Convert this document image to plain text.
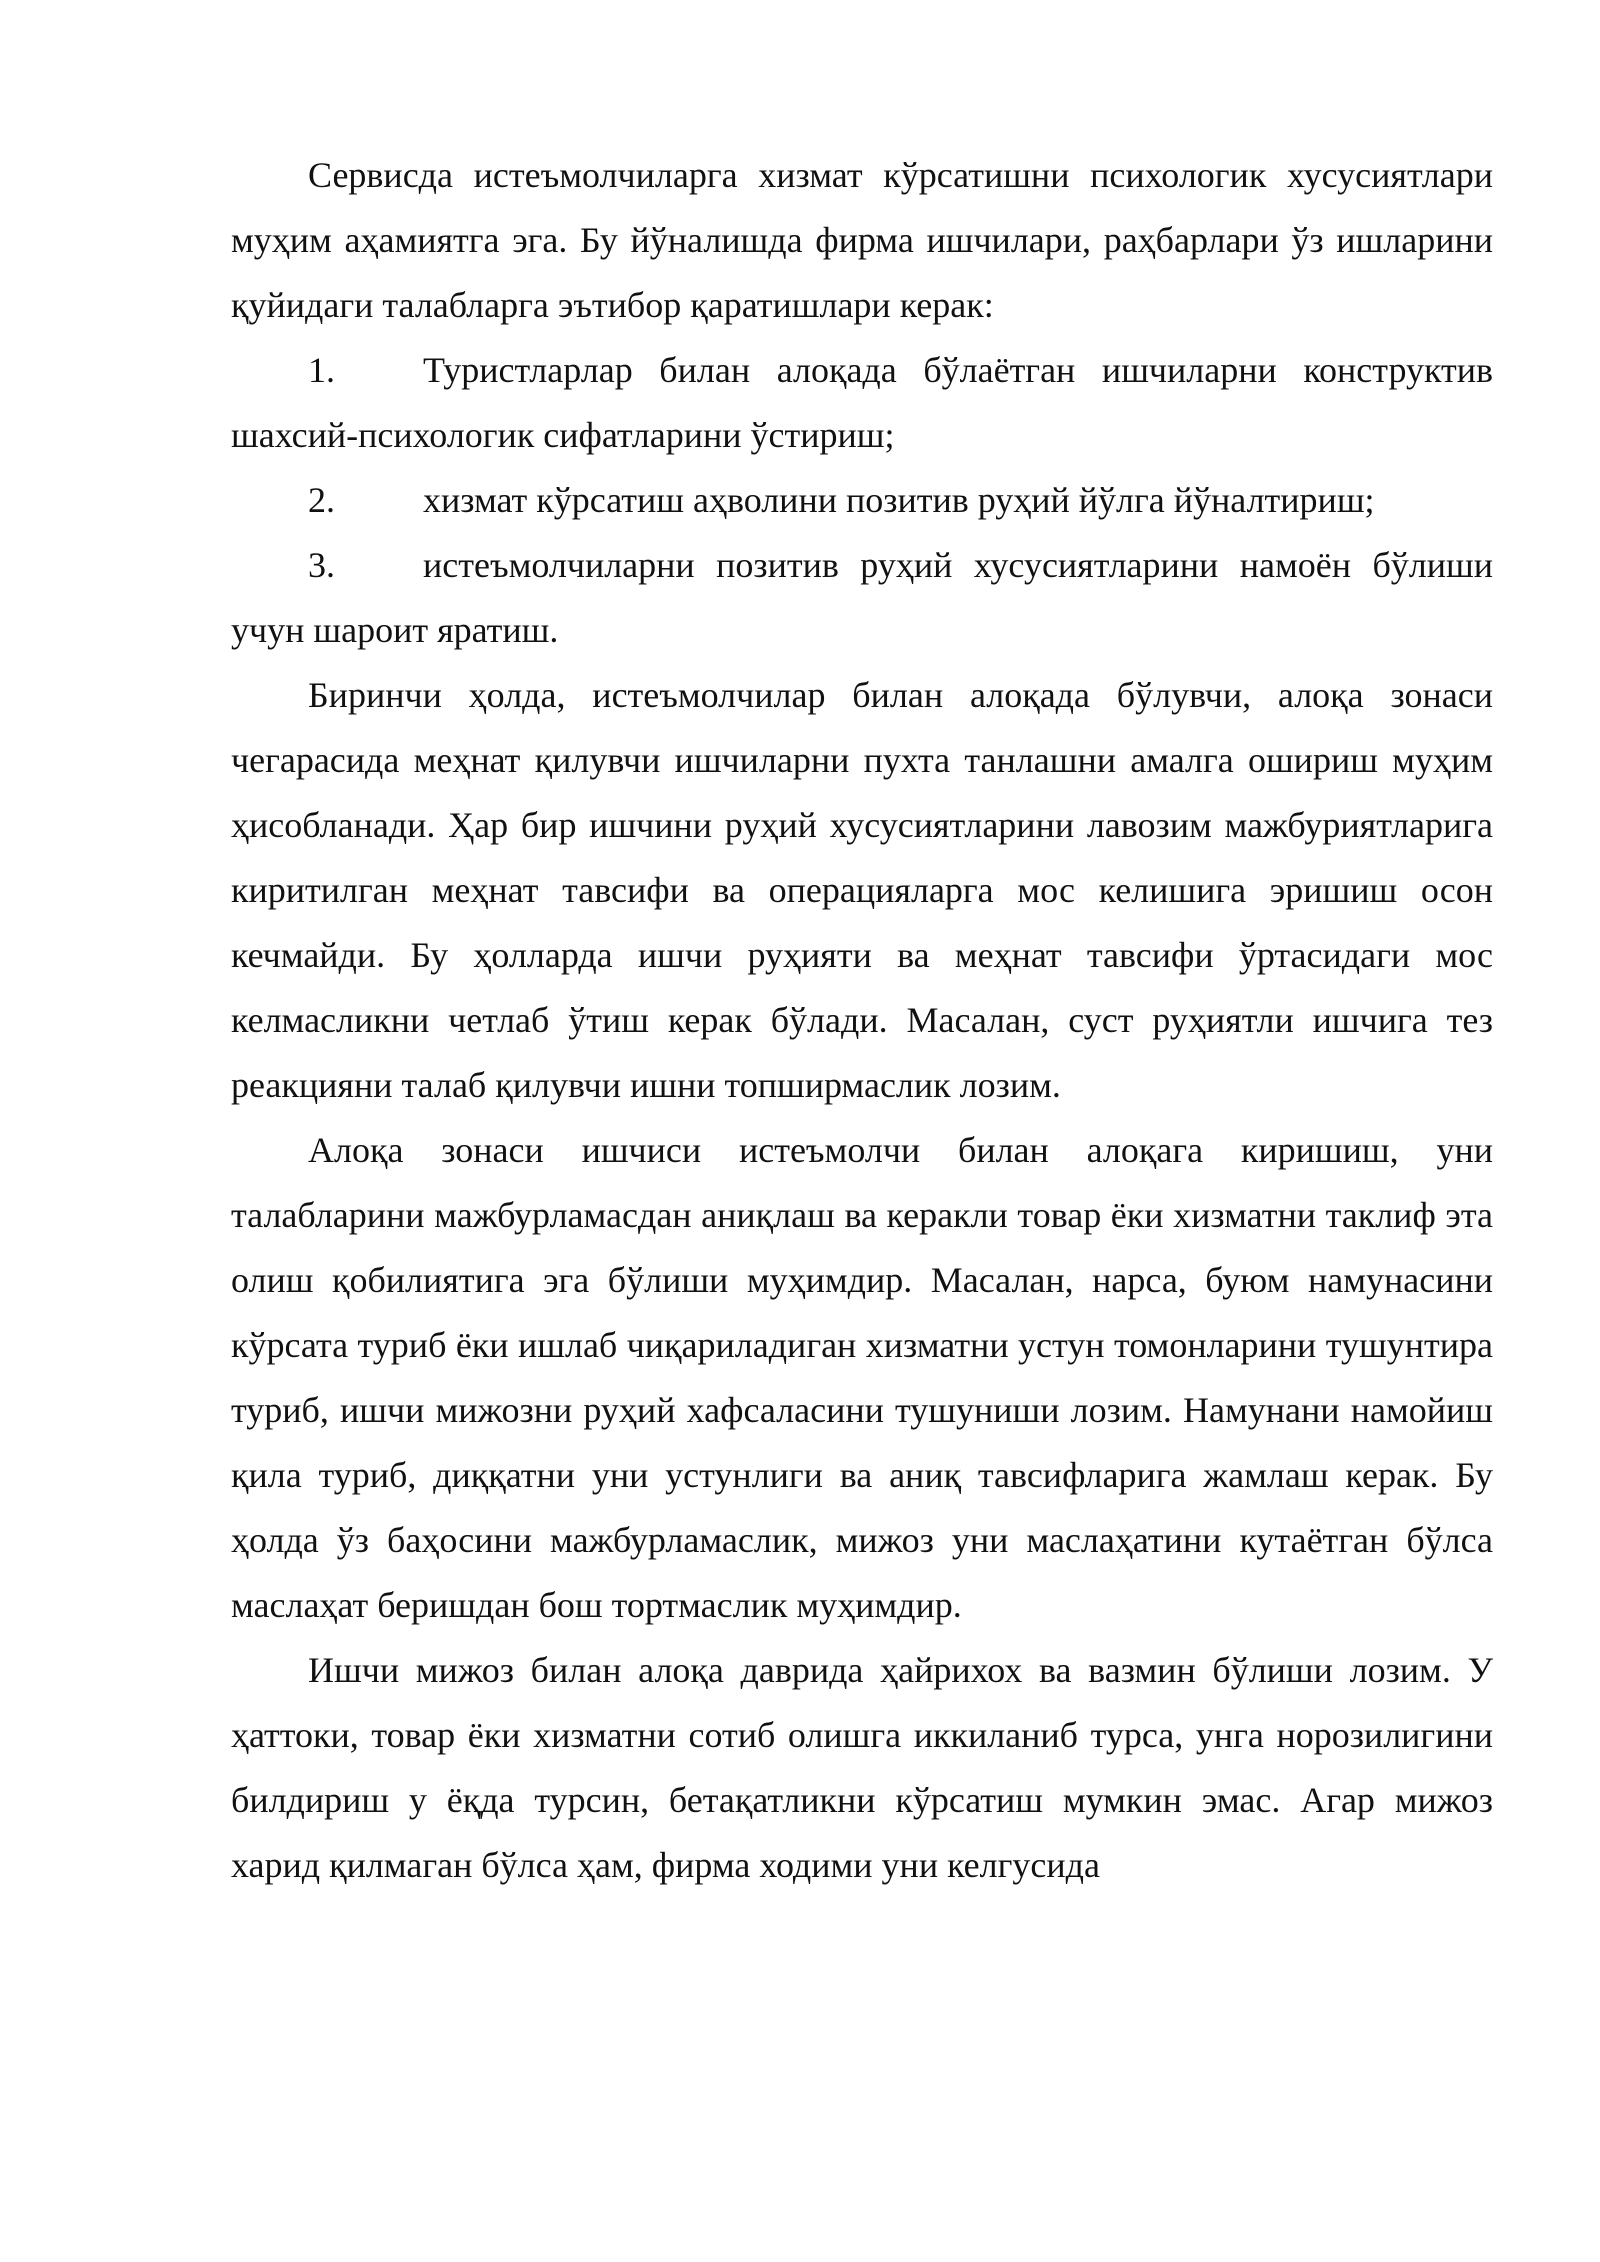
Сервисда истеъмолчиларга хизмат кўрсатишни психологик хусусиятлари муҳим аҳамиятга эга. Бу йўналишда фирма ишчилари, раҳбарлари ўз ишларини қуйидаги талабларга эътибор қаратишлари керак:

1. Туристларлар билан алоқада бўлаётган ишчиларни конструктив шахсий-психологик сифатларини ўстириш;

2. хизмат кўрсатиш аҳволини позитив руҳий йўлга йўналтириш;

3. истеъмолчиларни позитив руҳий хусусиятларини намоён бўлиши учун шароит яратиш.

Биринчи ҳолда, истеъмолчилар билан алоқада бўлувчи, алоқа зонаси чегарасида меҳнат қилувчи ишчиларни пухта танлашни амалга ошириш муҳим ҳисобланади. Ҳар бир ишчини руҳий хусусиятларини лавозим мажбуриятларига киритилган меҳнат тавсифи ва операцияларга мос келишига эришиш осон кечмайди. Бу ҳолларда ишчи руҳияти ва меҳнат тавсифи ўртасидаги мос келмасликни четлаб ўтиш керак бўлади. Масалан, суст руҳиятли ишчига тез реакцияни талаб қилувчи ишни топширмаслик лозим.

Алоқа зонаси ишчиси истеъмолчи билан алоқага киришиш, уни талабларини мажбурламасдан аниқлаш ва керакли товар ёки хизматни таклиф эта олиш қобилиятига эга бўлиши муҳимдир. Масалан, нарса, буюм намунасини кўрсата туриб ёки ишлаб чиқариладиган хизматни устун томонларини тушунтира туриб, ишчи мижозни руҳий хафсаласини тушуниши лозим. Намунани намойиш қила туриб, диққатни уни устунлиги ва аниқ тавсифларига жамлаш керак. Бу ҳолда ўз баҳосини мажбурламаслик, мижоз уни маслаҳатини кутаётган бўлса маслаҳат беришдан бош тортмаслик муҳимдир.

Ишчи мижоз билан алоқа даврида ҳайрихох ва вазмин бўлиши лозим. У ҳаттоки, товар ёки хизматни сотиб олишга иккиланиб турса, унга норозилигини билдириш у ёқда турсин, бетақатликни кўрсатиш мумкин эмас. Агар мижоз харид қилмаган бўлса ҳам, фирма ходими уни келгусида
